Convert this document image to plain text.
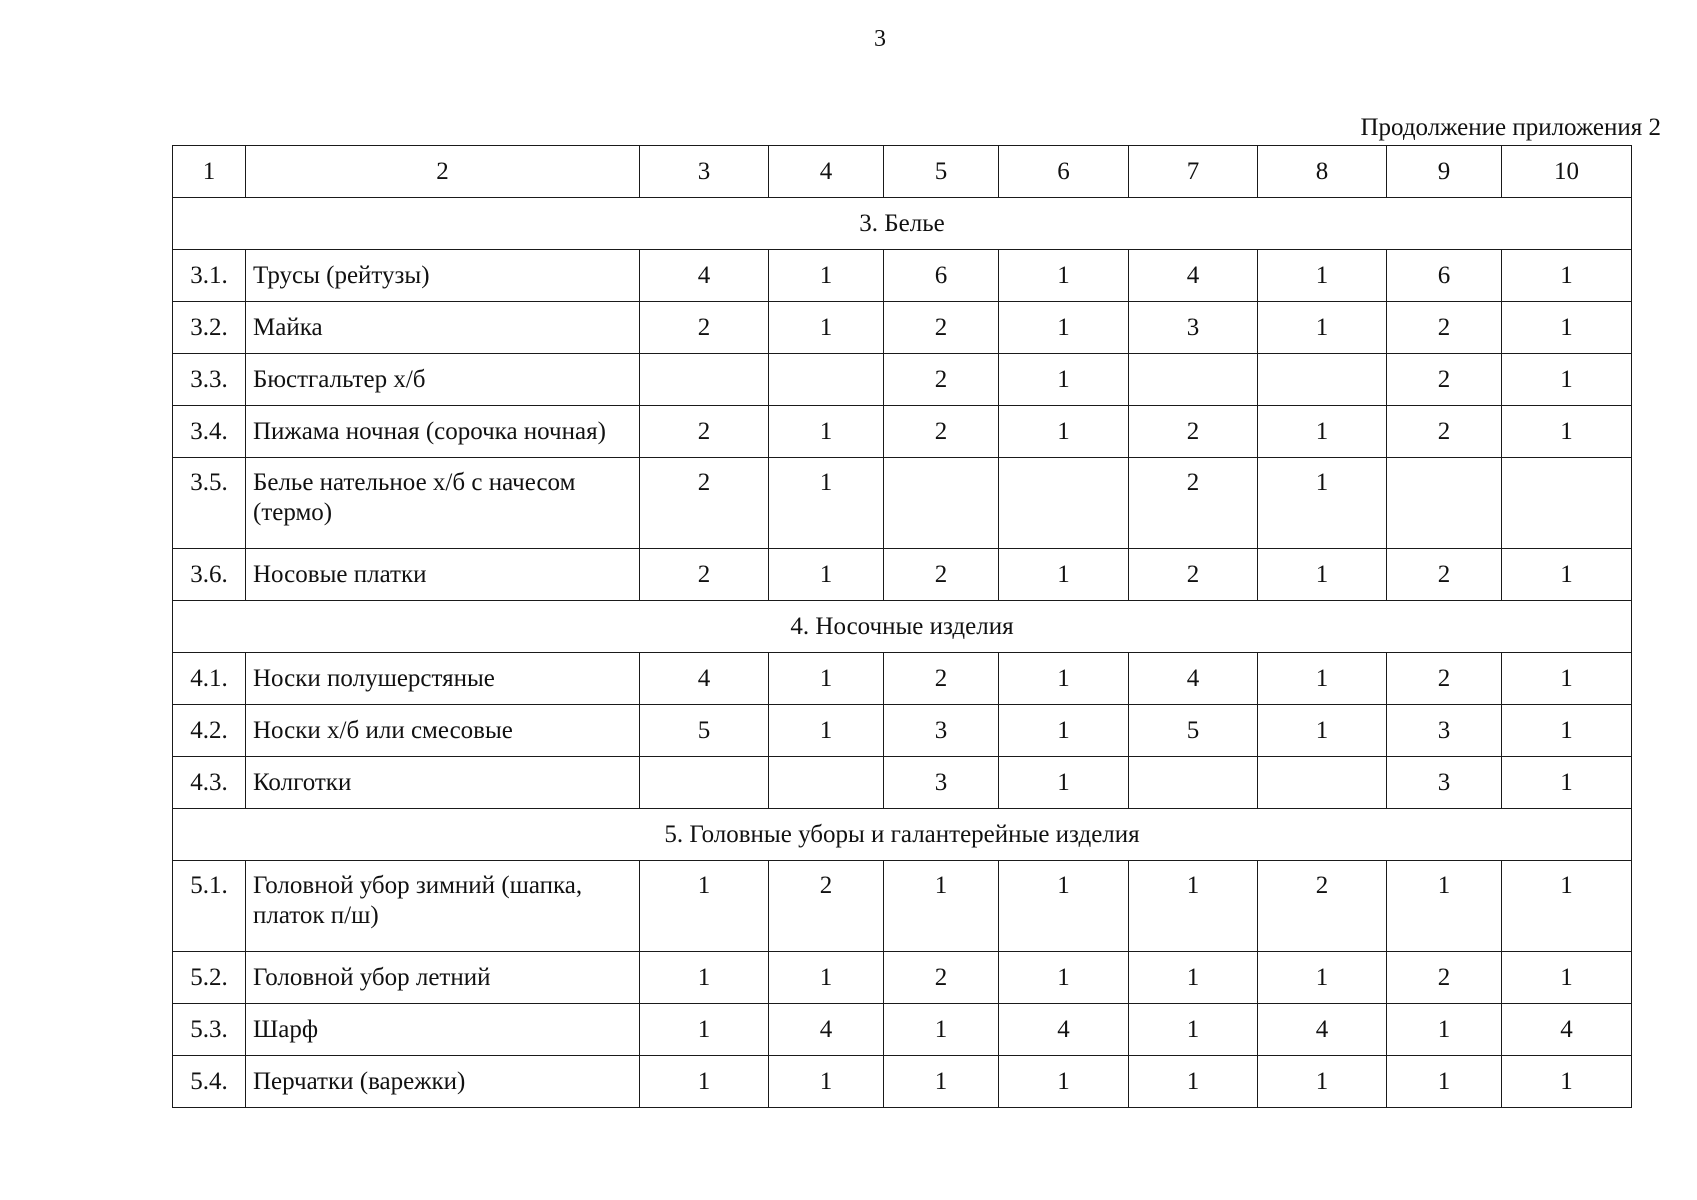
3
Продолжение приложения 2
1	2	3	4	5	6	7	8	9	10
3. Белье									
3.1.	Трусы (рейтузы)	4	1	6	1	4	1	6	1
3.2.	Майка	2	1	2	1	3	1	2	1
3.3.	Бюстгальтер х/б			2	1			2	1
3.4.	Пижама ночная (сорочка ночная)	2	1	2	1	2	1	2	1
3.5.	Белье нательное х/б с начесом (термо)	2	1			2	1		
3.6.	Носовые платки	2	1	2	1	2	1	2	1
4. Носочные изделия									
4.1.	Носки полушерстяные	4	1	2	1	4	1	2	1
4.2.	Носки х/б или смесовые	5	1	3	1	5	1	3	1
4.3.	Колготки			3	1			3	1
5. Головные уборы и галантерейные изделия									
5.1.	Головной убор зимний (шапка, платок п/ш)	1	2	1	1	1	2	1	1
5.2.	Головной убор летний	1	1	2	1	1	1	2	1
5.3.	Шарф	1	4	1	4	1	4	1	4
5.4.	Перчатки (варежки)	1	1	1	1	1	1	1	1
